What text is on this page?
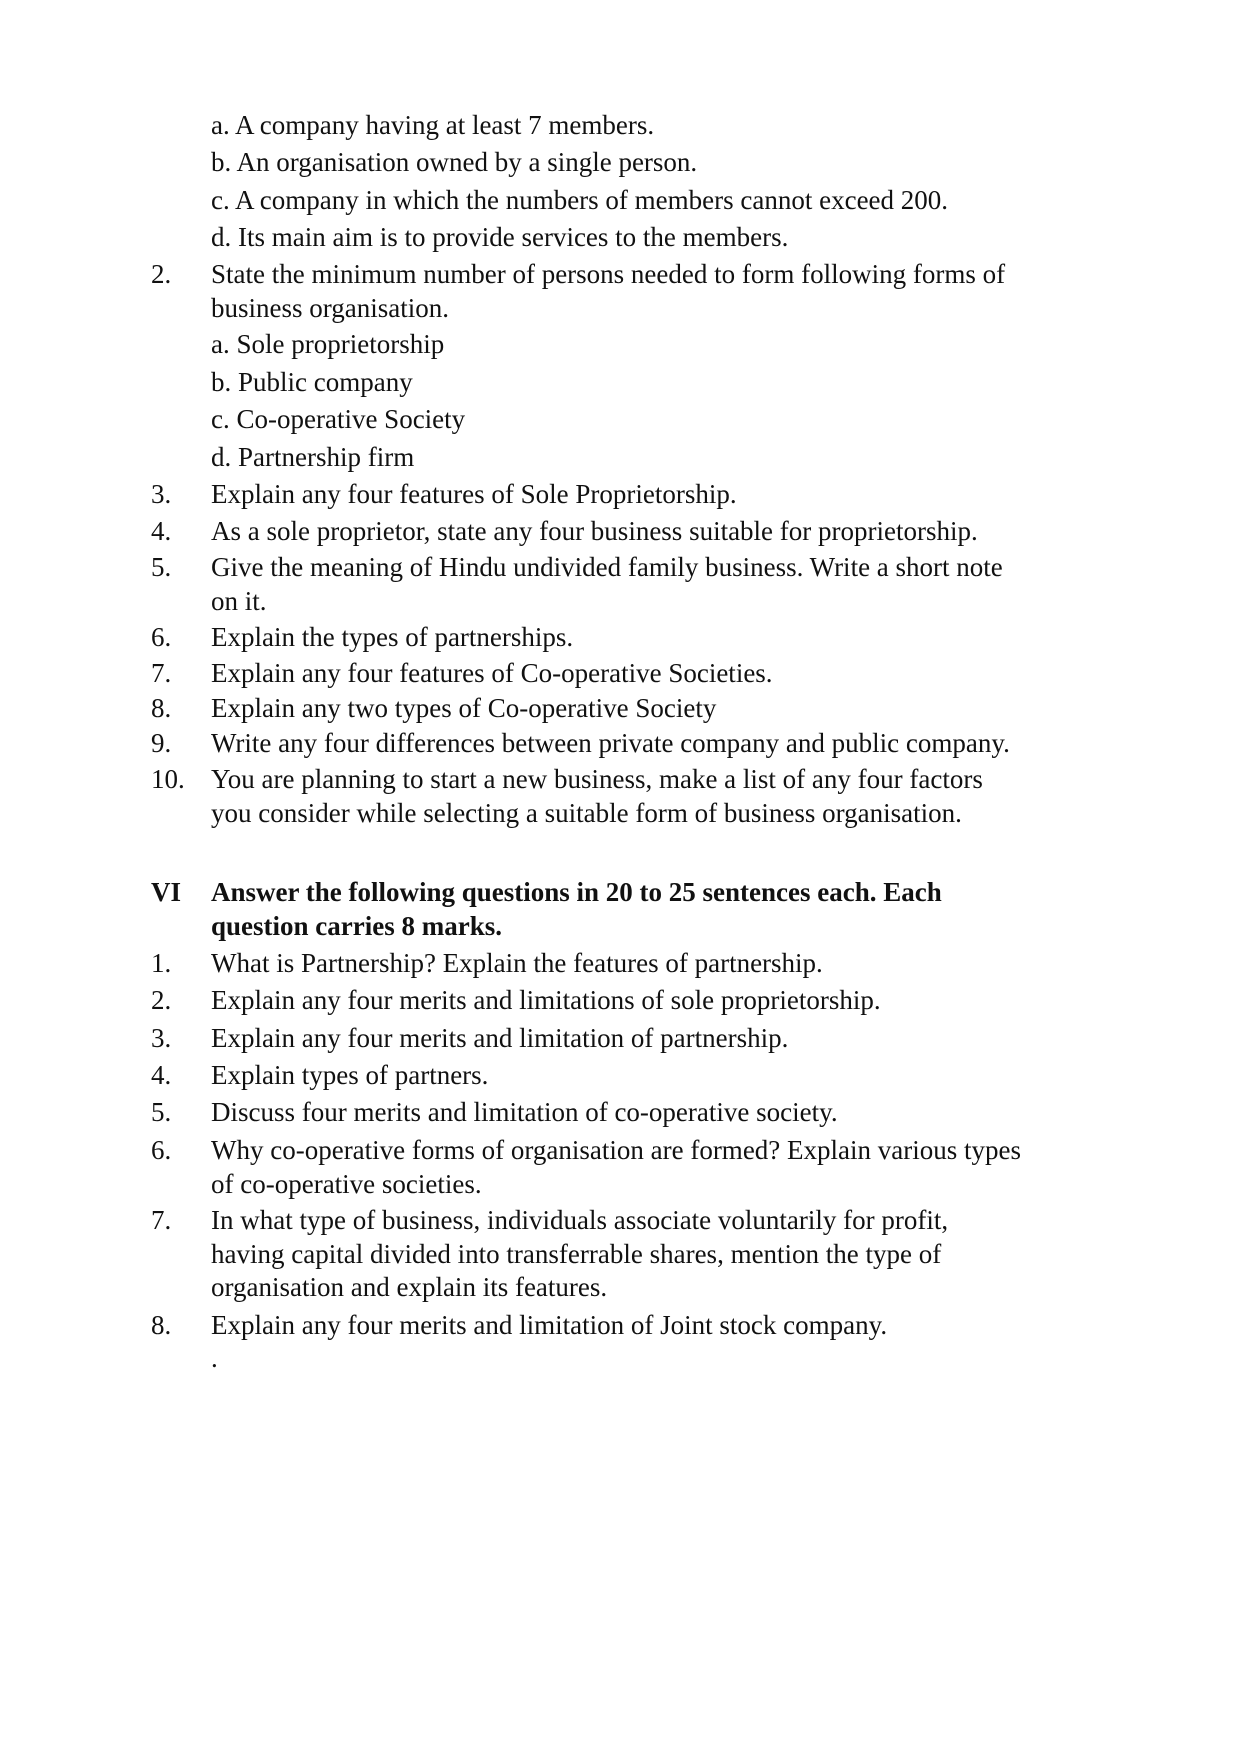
a. A company having at least 7 members.
b. An organisation owned by a single person.
c. A company in which the numbers of members cannot exceed 200.
d. Its main aim is to provide services to the members.
2. State the minimum number of persons needed to form following forms of
business organisation.
a. Sole proprietorship
b. Public company
c. Co-operative Society
d. Partnership firm
3. Explain any four features of Sole Proprietorship.
4. As a sole proprietor, state any four business suitable for proprietorship.
5. Give the meaning of Hindu undivided family business. Write a short note
on it.
6. Explain the types of partnerships.
7. Explain any four features of Co-operative Societies.
8. Explain any two types of Co-operative Society
9. Write any four differences between private company and public company.
10. You are planning to start a new business, make a list of any four factors
you consider while selecting a suitable form of business organisation.
VI Answer the following questions in 20 to 25 sentences each. Each
question carries 8 marks.
1. What is Partnership? Explain the features of partnership.
2. Explain any four merits and limitations of sole proprietorship.
3. Explain any four merits and limitation of partnership.
4. Explain types of partners.
5. Discuss four merits and limitation of co-operative society.
6. Why co-operative forms of organisation are formed? Explain various types
of co-operative societies.
7. In what type of business, individuals associate voluntarily for profit,
having capital divided into transferrable shares, mention the type of
organisation and explain its features.
8. Explain any four merits and limitation of Joint stock company.
.
